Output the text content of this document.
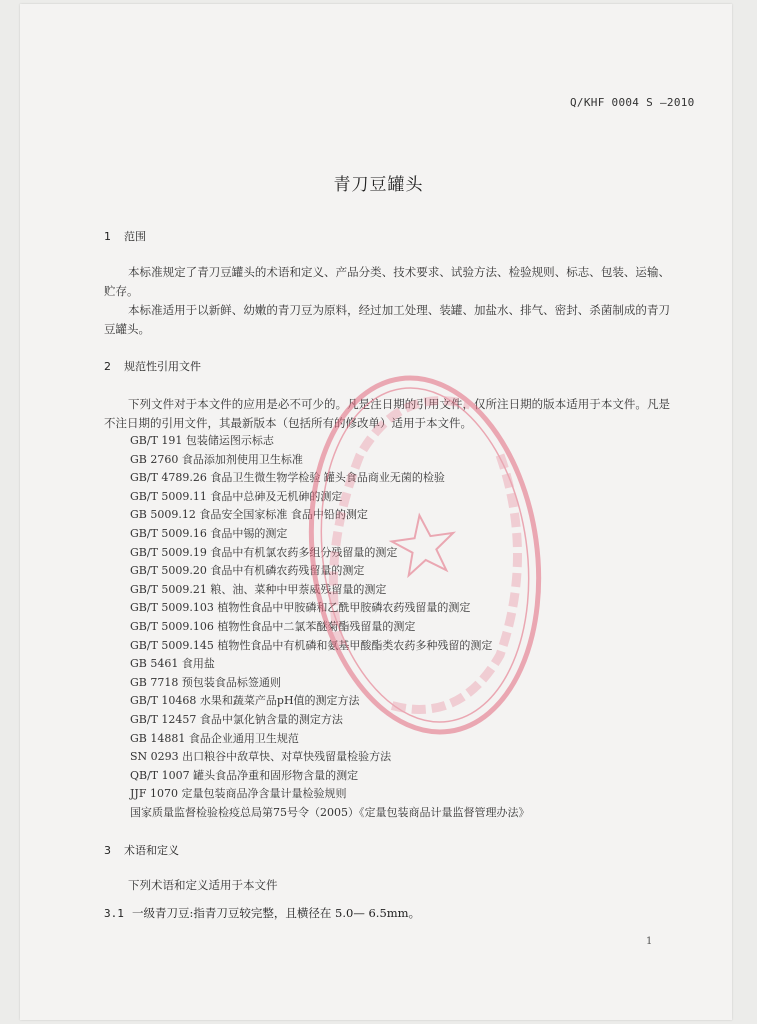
Q/KHF 0004 S —2010
青刀豆罐头
1 范围

本标准规定了青刀豆罐头的术语和定义、产品分类、技术要求、试验方法、检验规则、标志、包装、运输、贮存。

本标准适用于以新鲜、幼嫩的青刀豆为原料，经过加工处理、装罐、加盐水、排气、密封、杀菌制成的青刀豆罐头。

2 规范性引用文件

下列文件对于本文件的应用是必不可少的。凡是注日期的引用文件，仅所注日期的版本适用于本文件。凡是不注日期的引用文件，其最新版本（包括所有的修改单）适用于本文件。

GB/T 191 包装储运图示标志
GB 2760 食品添加剂使用卫生标准
GB/T 4789.26 食品卫生微生物学检验 罐头食品商业无菌的检验
GB/T 5009.11 食品中总砷及无机砷的测定
GB 5009.12 食品安全国家标准 食品中铅的测定
GB/T 5009.16 食品中锡的测定
GB/T 5009.19 食品中有机氯农药多组分残留量的测定
GB/T 5009.20 食品中有机磷农药残留量的测定
GB/T 5009.21 粮、油、菜种中甲萘威残留量的测定
GB/T 5009.103 植物性食品中甲胺磷和乙酰甲胺磷农药残留量的测定
GB/T 5009.106 植物性食品中二氯苯醚菊酯残留量的测定
GB/T 5009.145 植物性食品中有机磷和氨基甲酸酯类农药多种残留的测定
GB 5461 食用盐
GB 7718 预包装食品标签通则
GB/T 10468 水果和蔬菜产品pH值的测定方法
GB/T 12457 食品中氯化钠含量的测定方法
GB 14881 食品企业通用卫生规范
SN 0293 出口粮谷中敌草快、对草快残留量检验方法
QB/T 1007 罐头食品净重和固形物含量的测定
JJF 1070 定量包装商品净含量计量检验规则
国家质量监督检验检疫总局第75号令（2005）《定量包装商品计量监督管理办法》
3 术语和定义

下列术语和定义适用于本文件

3.1 一级青刀豆:指青刀豆较完整，且横径在 5.0— 6.5mm。
1
